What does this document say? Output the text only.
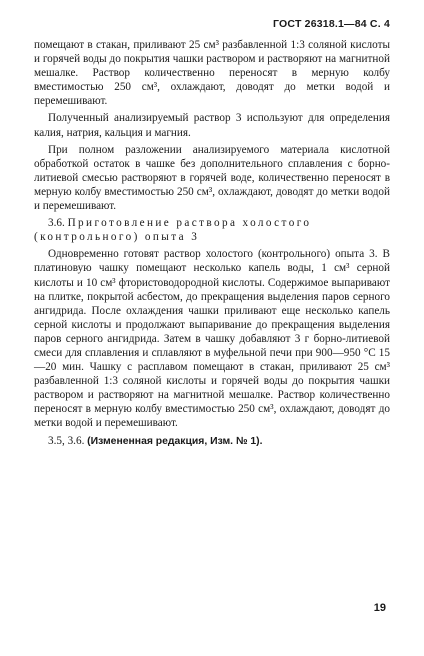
ГОСТ 26318.1—84 С. 4

помещают в стакан, приливают 25 см³ разбавленной 1:3 соляной кислоты и горячей воды до покрытия чашки раствором и растворяют на магнитной мешалке. Раствор количественно переносят в мерную колбу вместимостью 250 см³, охлаждают, доводят до метки водой и перемешивают.

Полученный анализируемый раствор 3 используют для определения калия, натрия, кальция и магния.

При полном разложении анализируемого материала кислотной обработкой остаток в чашке без дополнительного сплавления с борно-литиевой смесью растворяют в горячей воде, количественно переносят в мерную колбу вместимостью 250 см³, охлаждают, доводят до метки водой и перемешивают.

3.6. Приготовление раствора холостого (контрольного) опыта 3

Одновременно готовят раствор холостого (контрольного) опыта 3. В платиновую чашку помещают несколько капель воды, 1 см³ серной кислоты и 10 см³ фтористоводородной кислоты. Содержимое выпаривают на плитке, покрытой асбестом, до прекращения выделения паров серного ангидрида. После охлаждения чашки приливают еще несколько капель серной кислоты и продолжают выпаривание до прекращения выделения паров серного ангидрида. Затем в чашку добавляют 3 г борно-литиевой смеси для сплавления и сплавляют в муфельной печи при 900—950 °С 15—20 мин. Чашку с расплавом помещают в стакан, приливают 25 см³ разбавленной 1:3 соляной кислоты и горячей воды до покрытия чашки раствором и растворяют на магнитной мешалке. Раствор количественно переносят в мерную колбу вместимостью 250 см³, охлаждают, доводят до метки водой и перемешивают.

3.5, 3.6. (Измененная редакция, Изм. № 1).

19
